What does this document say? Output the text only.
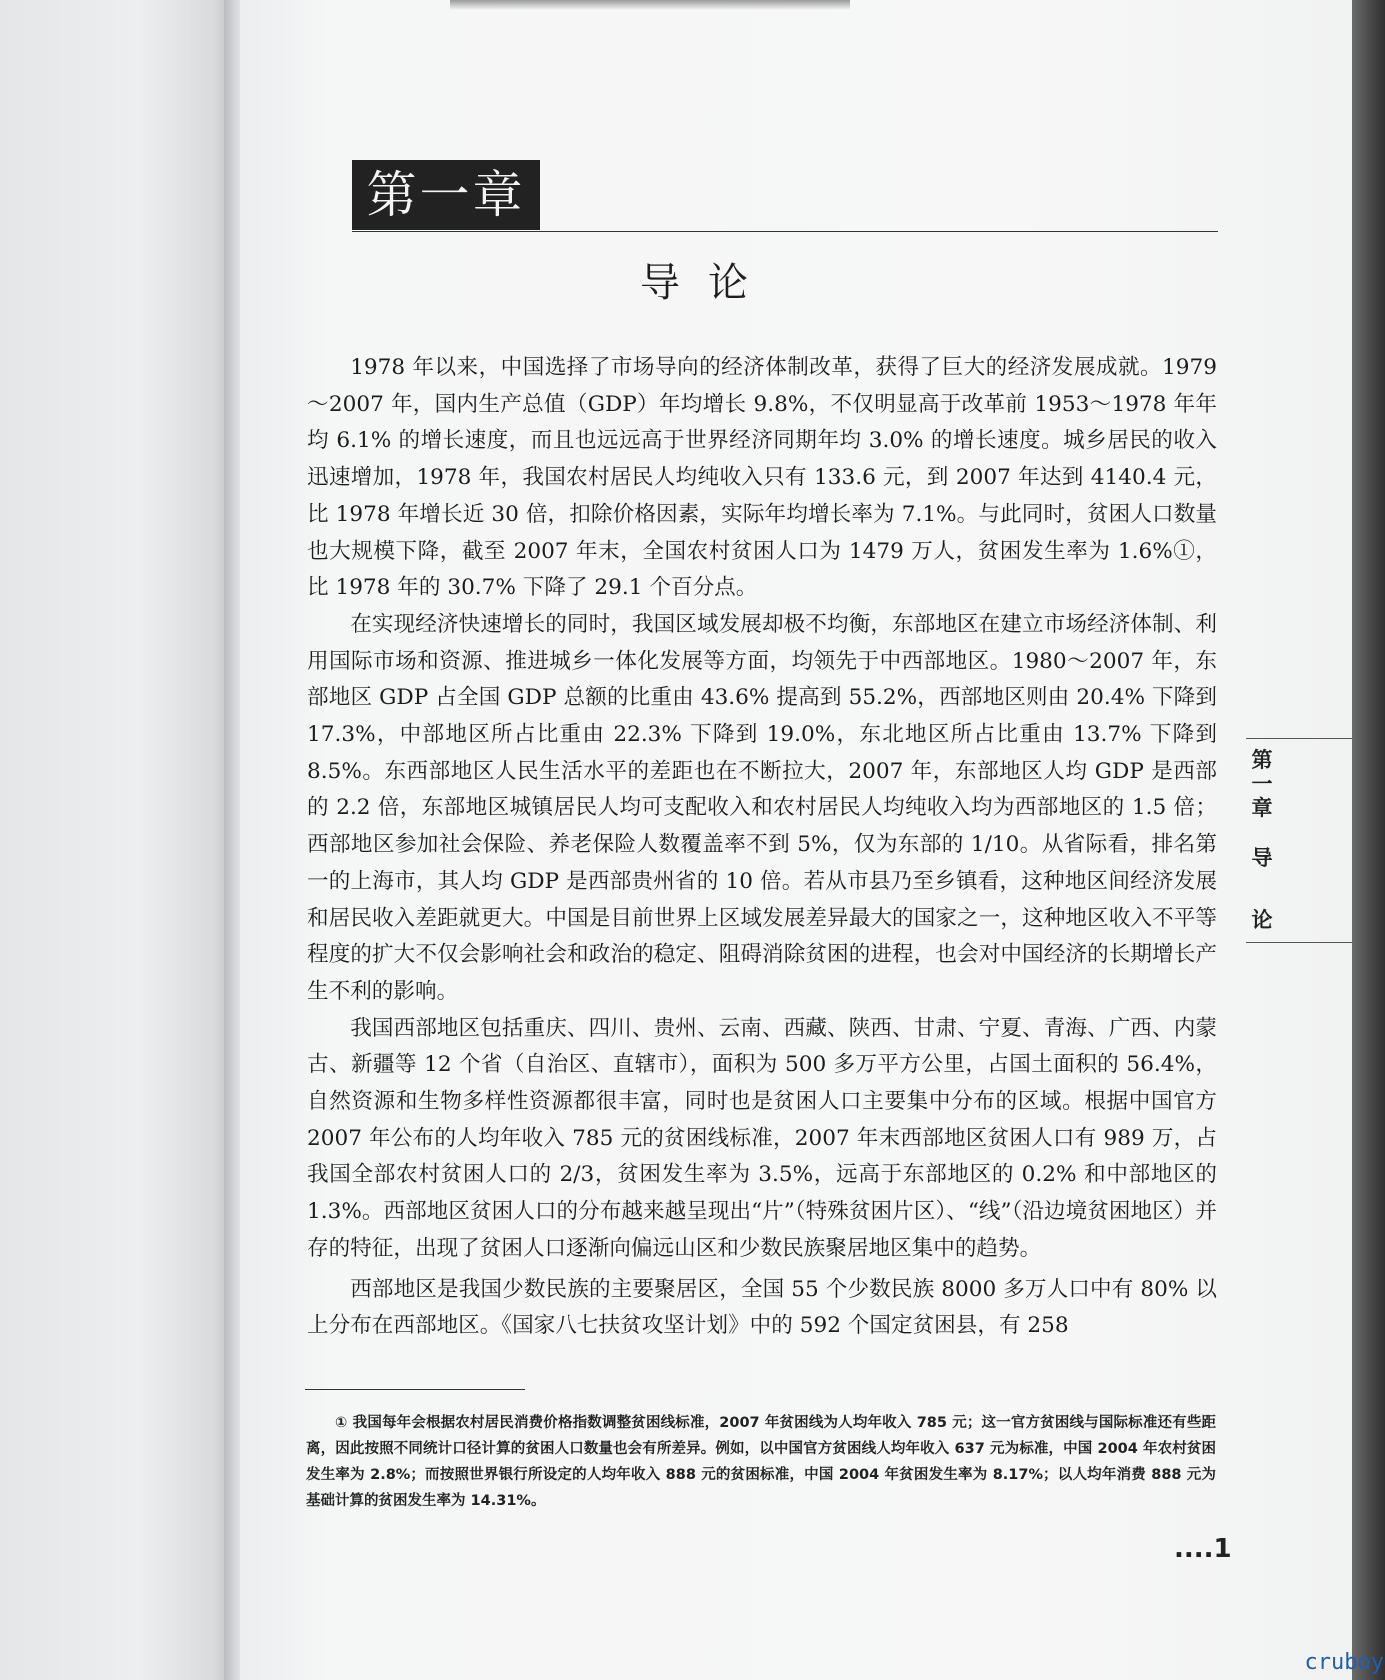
第一章
导论

1978 年以来，中国选择了市场导向的经济体制改革，获得了巨大的经济发展成就。1979～2007 年，国内生产总值（GDP）年均增长 9.8%，不仅明显高于改革前 1953～1978 年年均 6.1% 的增长速度，而且也远远高于世界经济同期年均 3.0% 的增长速度。城乡居民的收入迅速增加，1978 年，我国农村居民人均纯收入只有 133.6 元，到 2007 年达到 4140.4 元，比 1978 年增长近 30 倍，扣除价格因素，实际年均增长率为 7.1%。与此同时，贫困人口数量也大规模下降，截至 2007 年末，全国农村贫困人口为 1479 万人，贫困发生率为 1.6%①，比 1978 年的 30.7% 下降了 29.1 个百分点。

在实现经济快速增长的同时，我国区域发展却极不均衡，东部地区在建立市场经济体制、利用国际市场和资源、推进城乡一体化发展等方面，均领先于中西部地区。1980～2007 年，东部地区 GDP 占全国 GDP 总额的比重由 43.6% 提高到 55.2%，西部地区则由 20.4% 下降到 17.3%，中部地区所占比重由 22.3% 下降到 19.0%，东北地区所占比重由 13.7% 下降到 8.5%。东西部地区人民生活水平的差距也在不断拉大，2007 年，东部地区人均 GDP 是西部的 2.2 倍，东部地区城镇居民人均可支配收入和农村居民人均纯收入均为西部地区的 1.5 倍；西部地区参加社会保险、养老保险人数覆盖率不到 5%，仅为东部的 1/10。从省际看，排名第一的上海市，其人均 GDP 是西部贵州省的 10 倍。若从市县乃至乡镇看，这种地区间经济发展和居民收入差距就更大。中国是目前世界上区域发展差异最大的国家之一，这种地区收入不平等程度的扩大不仅会影响社会和政治的稳定、阻碍消除贫困的进程，也会对中国经济的长期增长产生不利的影响。

我国西部地区包括重庆、四川、贵州、云南、西藏、陕西、甘肃、宁夏、青海、广西、内蒙古、新疆等 12 个省（自治区、直辖市），面积为 500 多万平方公里，占国土面积的 56.4%，自然资源和生物多样性资源都很丰富，同时也是贫困人口主要集中分布的区域。根据中国官方 2007 年公布的人均年收入 785 元的贫困线标准，2007 年末西部地区贫困人口有 989 万，占我国全部农村贫困人口的 2/3，贫困发生率为 3.5%，远高于东部地区的 0.2% 和中部地区的 1.3%。西部地区贫困人口的分布越来越呈现出“片”（特殊贫困片区）、“线”（沿边境贫困地区）并存的特征，出现了贫困人口逐渐向偏远山区和少数民族聚居地区集中的趋势。

西部地区是我国少数民族的主要聚居区，全国 55 个少数民族 8000 多万人口中有 80% 以上分布在西部地区。《国家八七扶贫攻坚计划》中的 592 个国定贫困县，有 258

第
一
章
导
论
① 我国每年会根据农村居民消费价格指数调整贫困线标准，2007 年贫困线为人均年收入 785 元；这一官方贫困线与国际标准还有些距离，因此按照不同统计口径计算的贫困人口数量也会有所差异。例如，以中国官方贫困线人均年收入 637 元为标准，中国 2004 年农村贫困发生率为 2.8%；而按照世界银行所设定的人均年收入 888 元的贫困标准，中国 2004 年贫困发生率为 8.17%；以人均年消费 888 元为基础计算的贫困发生率为 14.31%。
....1
cruboy
